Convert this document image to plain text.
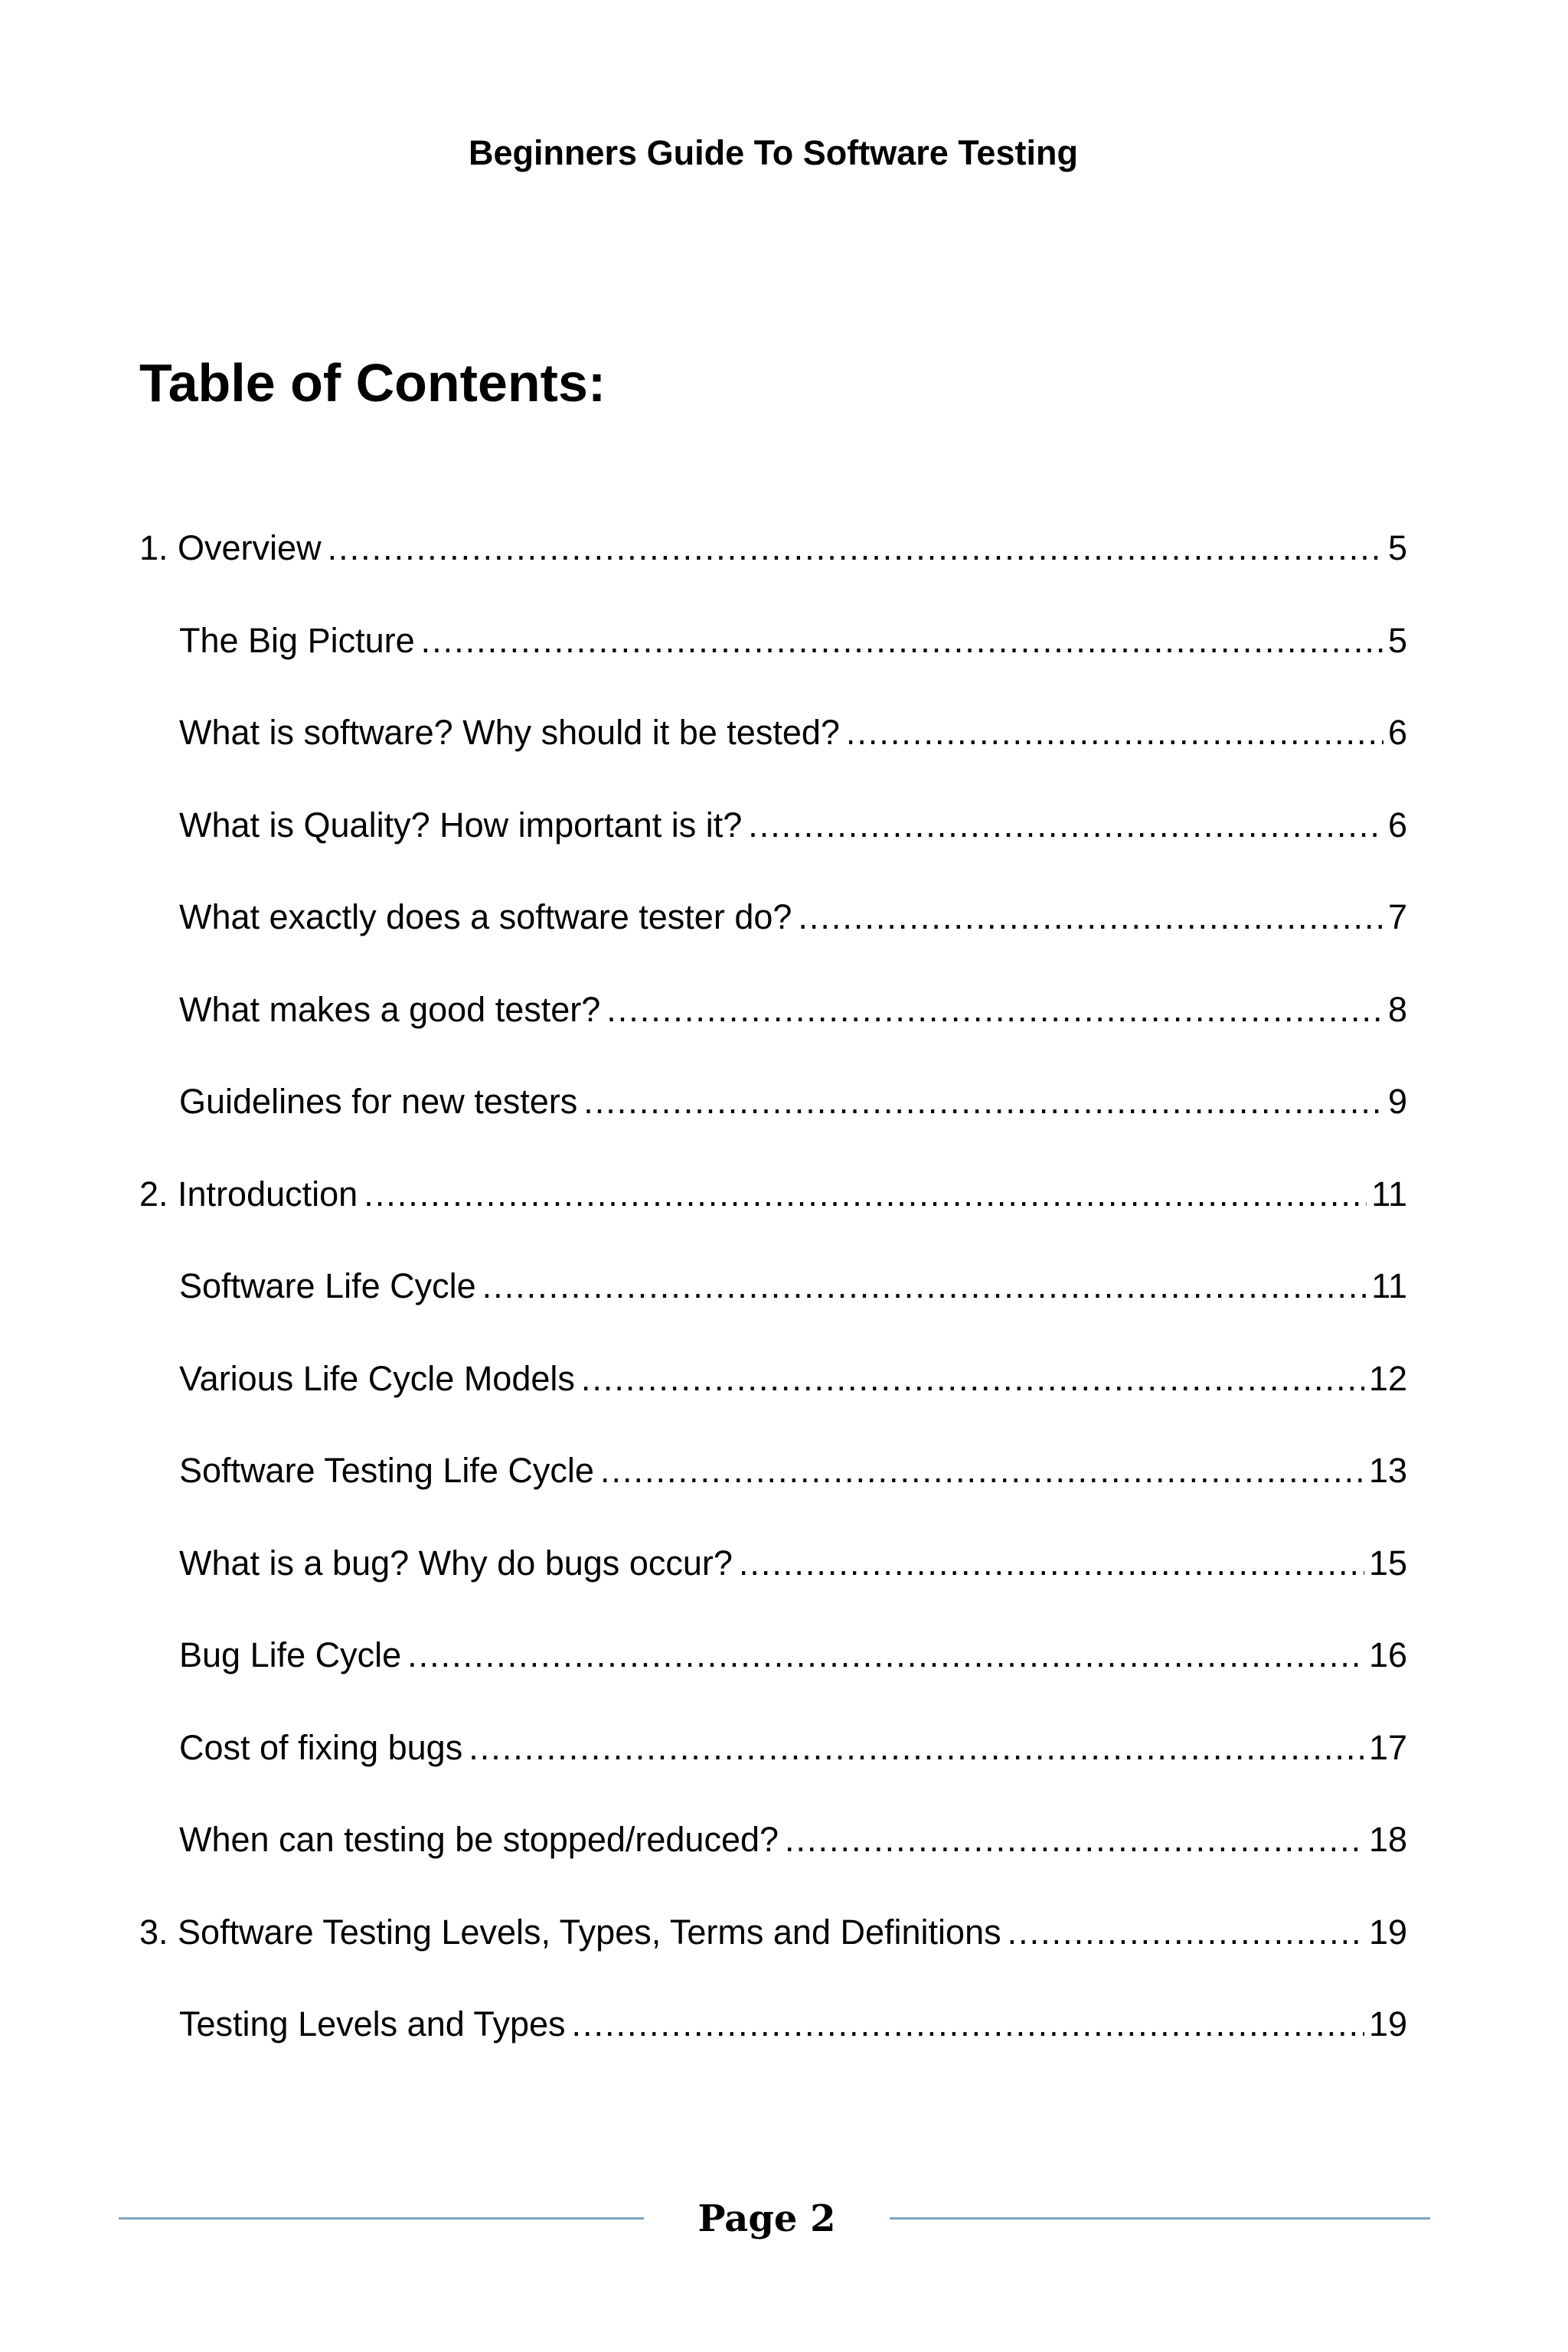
Beginners Guide To Software Testing
Table of Contents:
1. Overview .....	5
The Big Picture .....	5
What is software? Why should it be tested? .....	6
What is Quality? How important is it? .....	6
What exactly does a software tester do? .....	7
What makes a good tester? .....	8
Guidelines for new testers .....	9
2. Introduction .....	11
Software Life Cycle .....	11
Various Life Cycle Models .....	12
Software Testing Life Cycle .....	13
What is a bug? Why do bugs occur? .....	15
Bug Life Cycle .....	16
Cost of fixing bugs .....	17
When can testing be stopped/reduced? .....	18
3. Software Testing Levels, Types, Terms and Definitions .....	19
Testing Levels and Types .....	19
Page 2
